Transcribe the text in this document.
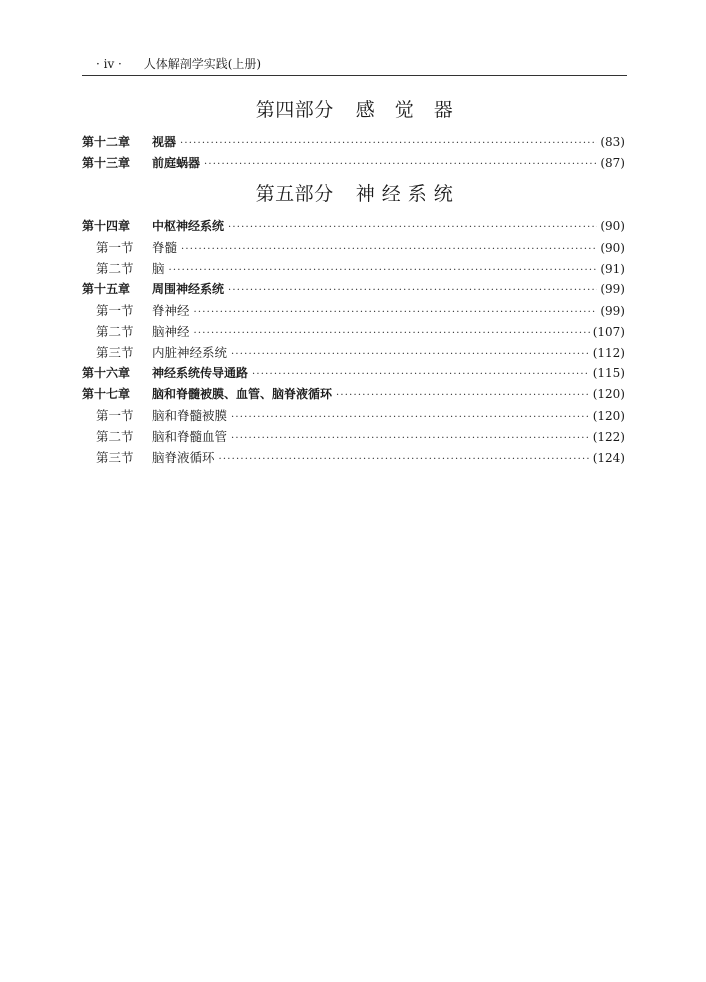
· iv · 人体解剖学实践(上册)
第四部分 感　觉　器
第十二章	视器 ·····	(83)
第十三章	前庭蜗器 ·····	(87)
第五部分 神 经 系 统
第十四章	中枢神经系统 ·····	(90)
第一节	脊髓 ·····	(90)
第二节	脑 ·····	(91)
第十五章	周围神经系统 ·····	(99)
第一节	脊神经 ·····	(99)
第二节	脑神经 ·····	(107)
第三节	内脏神经系统 ·····	(112)
第十六章	神经系统传导通路 ·····	(115)
第十七章	脑和脊髓被膜、血管、脑脊液循环 ·····	(120)
第一节	脑和脊髓被膜 ·····	(120)
第二节	脑和脊髓血管 ·····	(122)
第三节	脑脊液循环 ·····	(124)
